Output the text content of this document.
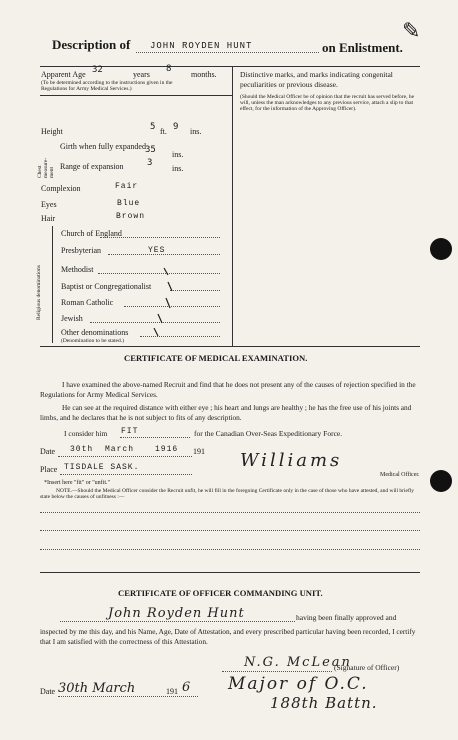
Description of JOHN ROYDEN HUNT	on Enlistment.
✎
Apparent Age 32	years
8
months.
(To be determined according to the instructions given in the Regulations for Army Medical Services.)
Height	5 ft. 9 ins.
Chest measure-ment
Girth when fully expanded 35 ins.
Range of expansion	3
ins.
Complexion	Fair
Eyes	Blue
Hair	Brown
Religious denominations
Church of England
Presbyterian	YES
Methodist
Baptist or Congregationalist
Roman Catholic
Jewish
Other denominations
(Denomination to be stated.)
Distinctive marks, and marks indicating congenital peculiarities or previous disease.
(Should the Medical Officer be of opinion that the recruit has served before, he will, unless the man acknowledges to any previous service, attach a slip to that effect, for the information of the Approving Officer).
CERTIFICATE OF MEDICAL EXAMINATION.
I have examined the above-named Recruit and find that he does not present any of the causes of rejection specified in the Regulations for Army Medical Services.
He can see at the required distance with either eye ; his heart and lungs are healthy ; he has the free use of his joints and limbs, and he declares that he is not subject to fits of any description.
I consider him FIT	for the Canadian Over-Seas Expeditionary Force.
Date 30th March	1916 191
Place TISDALE SASK.
*Insert here "fit" or "unfit."
Williams
Medical Officer.
NOTE.—Should the Medical Officer consider the Recruit unfit, he will fill in the foregoing Certificate only in the case of those who have attested, and will briefly state below the causes of unfitness :—
CERTIFICATE OF OFFICER COMMANDING UNIT.
John Royden Hunt	having been finally approved and
inspected by me this day, and his Name, Age, Date of Attestation, and every prescribed particular having been recorded, I certify that I am satisfied with the correctness of this Attestation.
N.G. McLean
(Signature of Officer)
Date 30th March	191 6 Major of O.C.
188th Battn.
